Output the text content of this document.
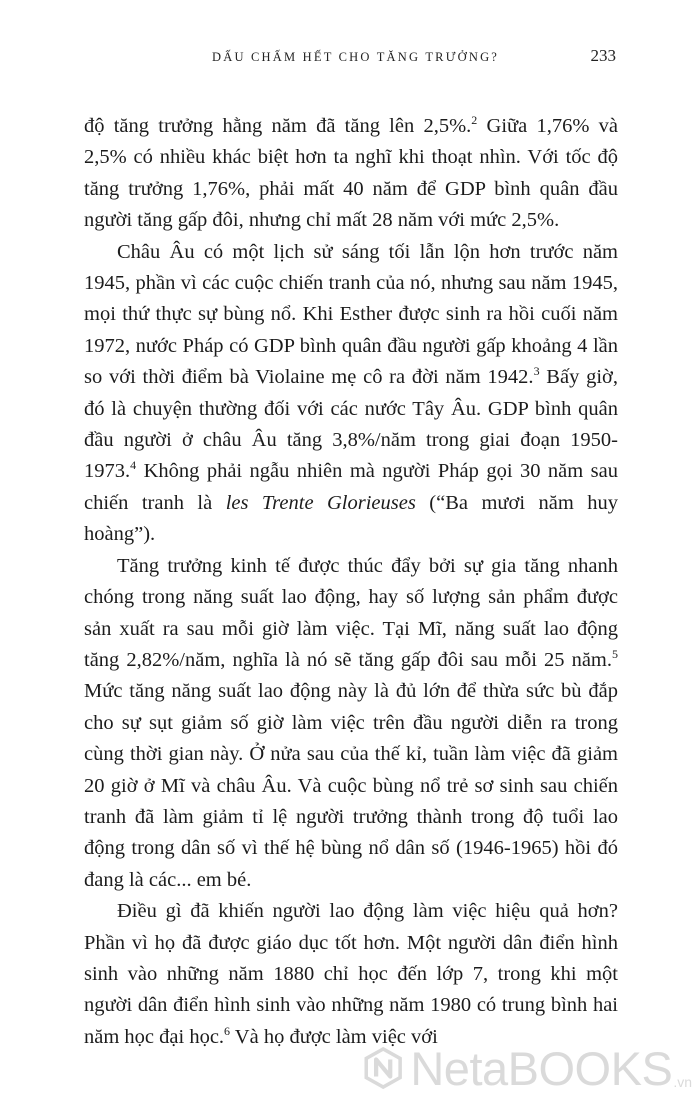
DẤU CHẤM HẾT CHO TĂNG TRƯỞNG?	233

độ tăng trưởng hằng năm đã tăng lên 2,5%.$^2$ Giữa 1,76% và 2,5% có nhiều khác biệt hơn ta nghĩ khi thoạt nhìn. Với tốc độ tăng trưởng 1,76%, phải mất 40 năm để GDP bình quân đầu người tăng gấp đôi, nhưng chỉ mất 28 năm với mức 2,5%.

Châu Âu có một lịch sử sáng tối lẫn lộn hơn trước năm 1945, phần vì các cuộc chiến tranh của nó, nhưng sau năm 1945, mọi thứ thực sự bùng nổ. Khi Esther được sinh ra hồi cuối năm 1972, nước Pháp có GDP bình quân đầu người gấp khoảng 4 lần so với thời điểm bà Violaine mẹ cô ra đời năm 1942.$^3$ Bấy giờ, đó là chuyện thường đối với các nước Tây Âu. GDP bình quân đầu người ở châu Âu tăng 3,8%/năm trong giai đoạn 1950-1973.$^4$ Không phải ngẫu nhiên mà người Pháp gọi 30 năm sau chiến tranh là les Trente Glorieuses (“Ba mươi năm huy hoàng”).

Tăng trưởng kinh tế được thúc đẩy bởi sự gia tăng nhanh chóng trong năng suất lao động, hay số lượng sản phẩm được sản xuất ra sau mỗi giờ làm việc. Tại Mĩ, năng suất lao động tăng 2,82%/năm, nghĩa là nó sẽ tăng gấp đôi sau mỗi 25 năm.$^5$ Mức tăng năng suất lao động này là đủ lớn để thừa sức bù đắp cho sự sụt giảm số giờ làm việc trên đầu người diễn ra trong cùng thời gian này. Ở nửa sau của thế kỉ, tuần làm việc đã giảm 20 giờ ở Mĩ và châu Âu. Và cuộc bùng nổ trẻ sơ sinh sau chiến tranh đã làm giảm tỉ lệ người trưởng thành trong độ tuổi lao động trong dân số vì thế hệ bùng nổ dân số (1946-1965) hồi đó đang là các... em bé.

Điều gì đã khiến người lao động làm việc hiệu quả hơn? Phần vì họ đã được giáo dục tốt hơn. Một người dân điển hình sinh vào những năm 1880 chỉ học đến lớp 7, trong khi một người dân điển hình sinh vào những năm 1980 có trung bình hai năm học đại học.$^6$ Và họ được làm việc với

NetaBOOKS .vn
